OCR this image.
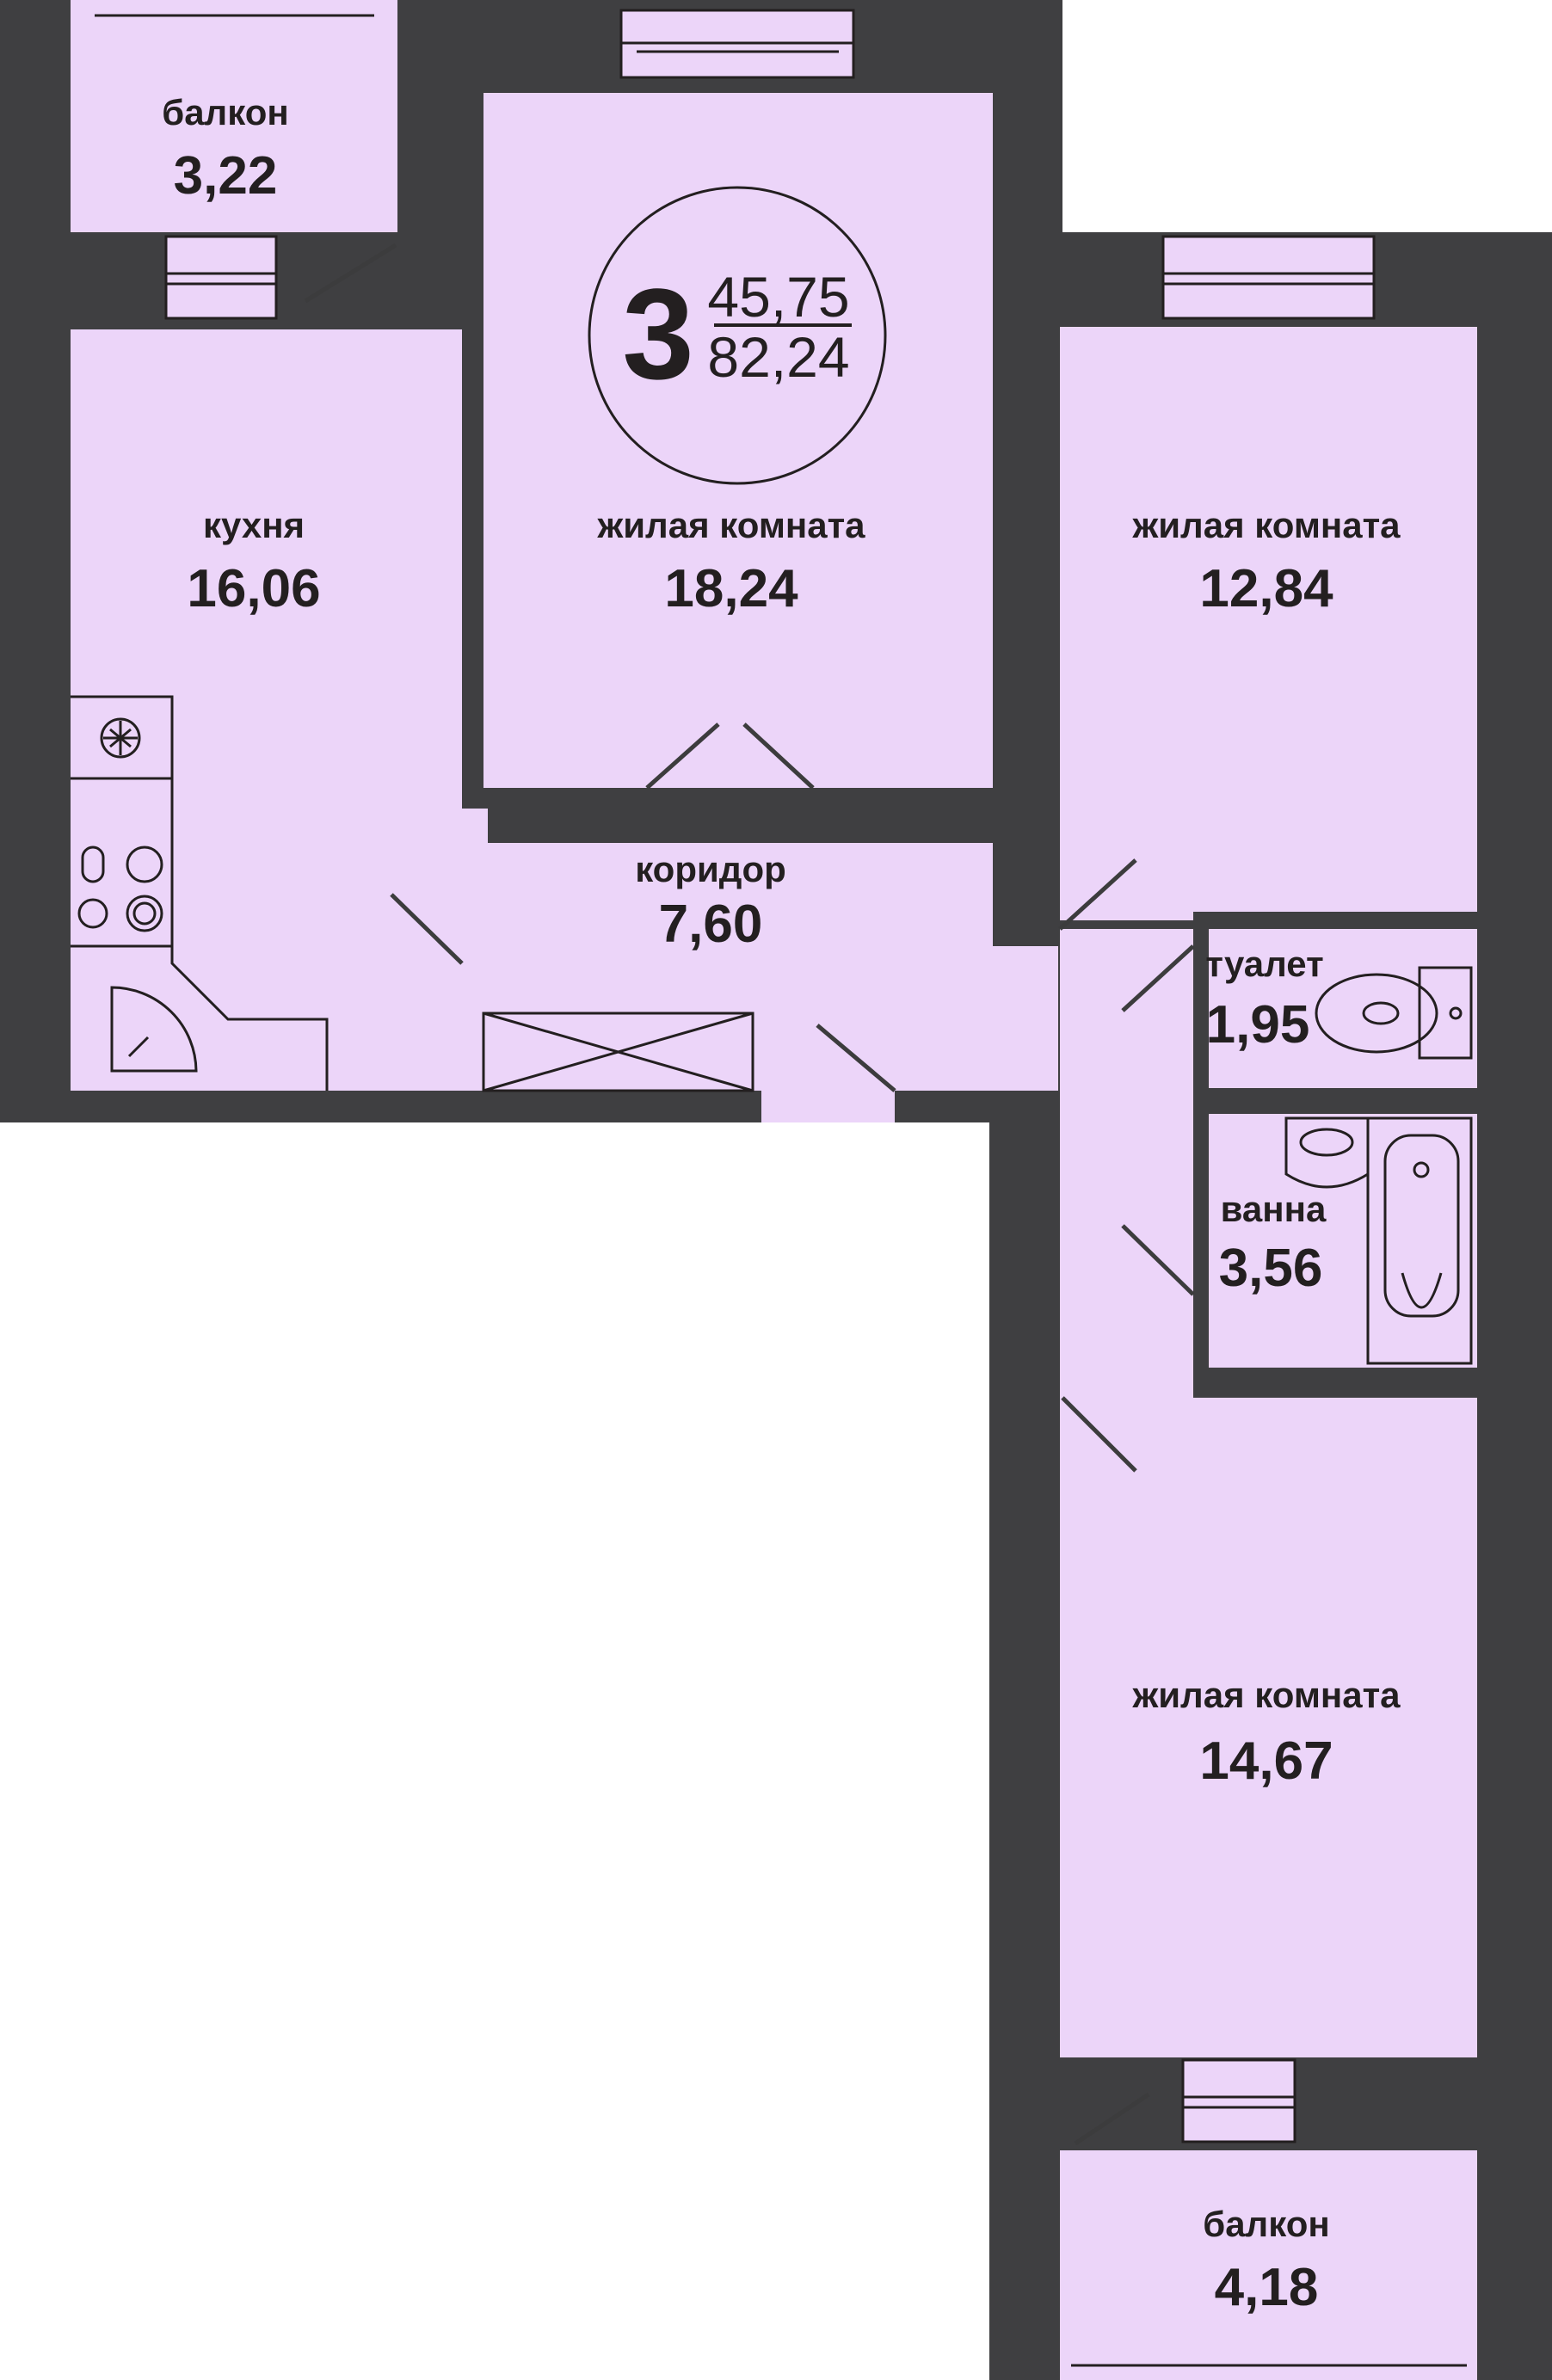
3 45,75
82,24
балкон
3,22
кухня
16,06
жилая комната
18,24
жилая комната
12,84
коридор
7,60
туалет
1,95
ванна
3,56
жилая комната
14,67
балкон
4,18
